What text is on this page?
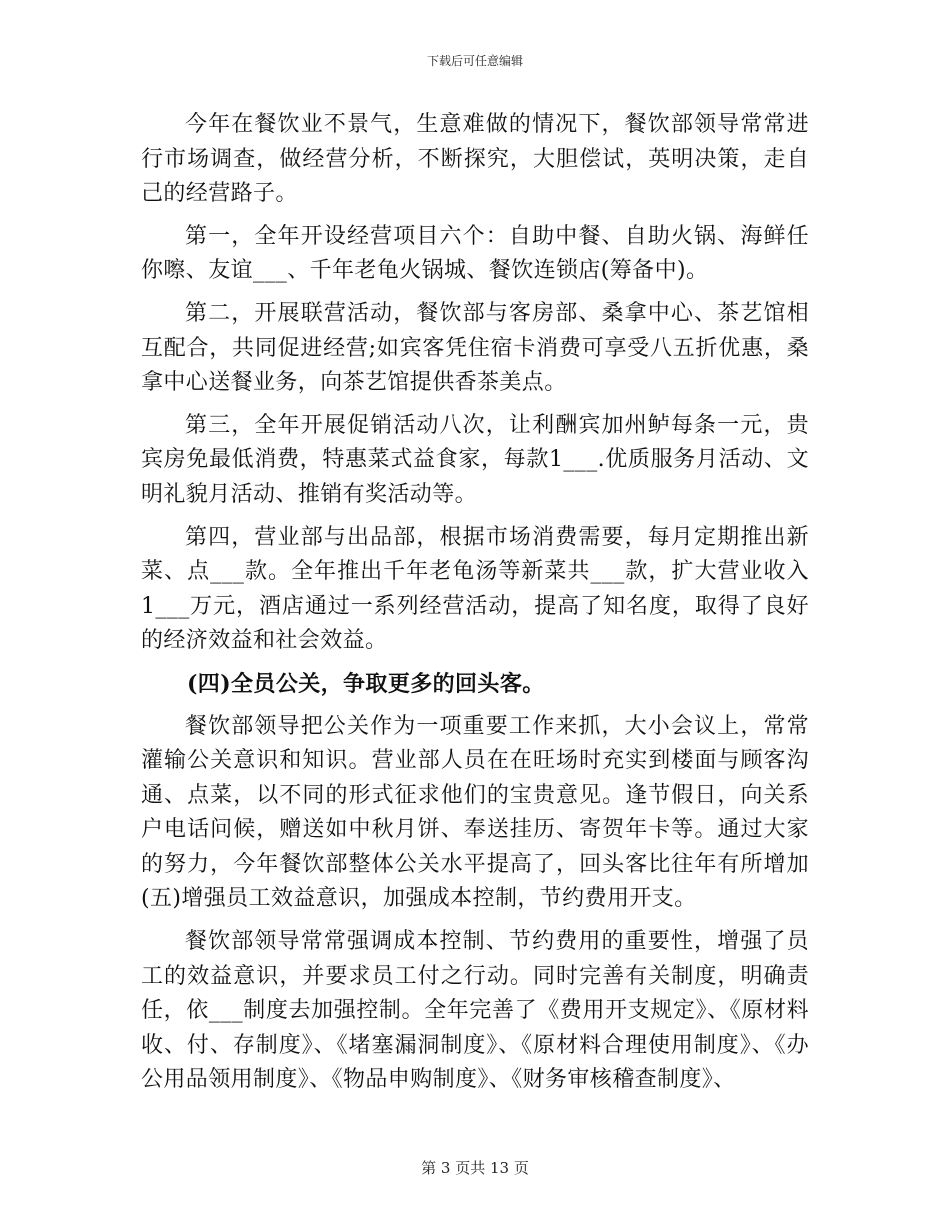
下载后可任意编辑

今年在餐饮业不景气，生意难做的情况下，餐饮部领导常常进行市场调查，做经营分析，不断探究，大胆偿试，英明决策，走自己的经营路子。

第一，全年开设经营项目六个：自助中餐、自助火锅、海鲜任你嚓、友谊___、千年老龟火锅城、餐饮连锁店(筹备中)。

第二，开展联营活动，餐饮部与客房部、桑拿中心、茶艺馆相互配合，共同促进经营;如宾客凭住宿卡消费可享受八五折优惠，桑拿中心送餐业务，向茶艺馆提供香茶美点。

第三，全年开展促销活动八次，让利酬宾加州鲈每条一元，贵宾房免最低消费，特惠菜式益食家，每款1___.优质服务月活动、文明礼貌月活动、推销有奖活动等。

第四，营业部与出品部，根据市场消费需要，每月定期推出新菜、点___款。全年推出千年老龟汤等新菜共___款，扩大营业收入1___万元，酒店通过一系列经营活动，提高了知名度，取得了良好的经济效益和社会效益。

(四)全员公关，争取更多的回头客。

餐饮部领导把公关作为一项重要工作来抓，大小会议上，常常灌输公关意识和知识。营业部人员在在旺场时充实到楼面与顾客沟通、点菜，以不同的形式征求他们的宝贵意见。逢节假日，向关系户电话问候，赠送如中秋月饼、奉送挂历、寄贺年卡等。通过大家的努力，今年餐饮部整体公关水平提高了，回头客比往年有所增加(五)增强员工效益意识，加强成本控制，节约费用开支。

餐饮部领导常常强调成本控制、节约费用的重要性，增强了员工的效益意识，并要求员工付之行动。同时完善有关制度，明确责任，依___制度去加强控制。全年完善了《费用开支规定》、《原材料收、付、存制度》、《堵塞漏洞制度》、《原材料合理使用制度》、《办公用品领用制度》、《物品申购制度》、《财务审核稽查制度》、

第 3 页共 13 页
